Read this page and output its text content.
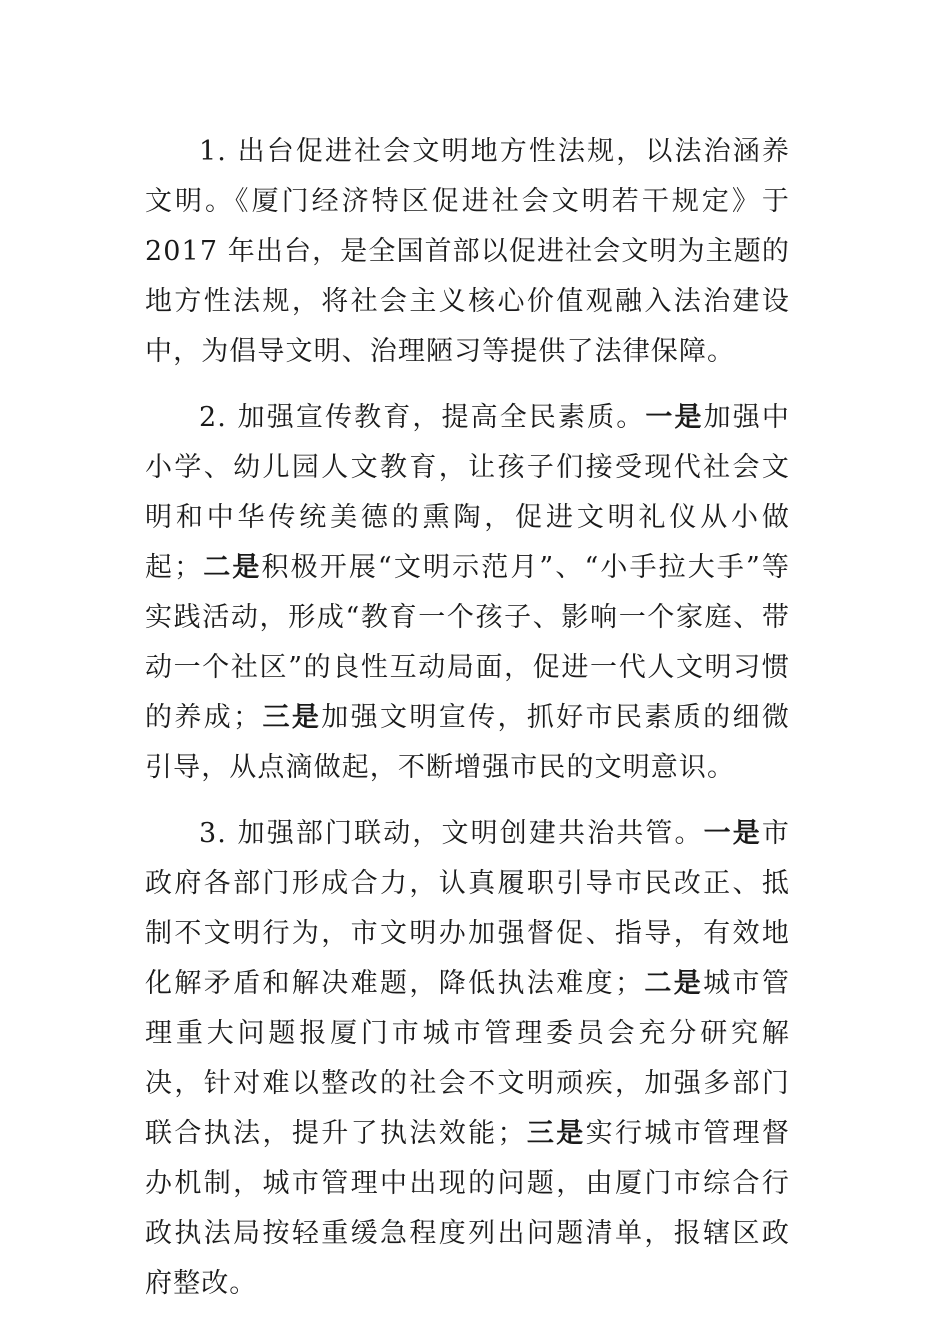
1. 出台促进社会文明地方性法规，以法治涵养文明。《厦门经济特区促进社会文明若干规定》于 2017 年出台，是全国首部以促进社会文明为主题的地方性法规，将社会主义核心价值观融入法治建设中，为倡导文明、治理陋习等提供了法律保障。

2. 加强宣传教育，提高全民素质。一是加强中小学、幼儿园人文教育，让孩子们接受现代社会文明和中华传统美德的熏陶，促进文明礼仪从小做起；二是积极开展“文明示范月”、“小手拉大手”等实践活动，形成“教育一个孩子、影响一个家庭、带动一个社区”的良性互动局面，促进一代人文明习惯的养成；三是加强文明宣传，抓好市民素质的细微引导，从点滴做起，不断增强市民的文明意识。

3. 加强部门联动，文明创建共治共管。一是市政府各部门形成合力，认真履职引导市民改正、抵制不文明行为，市文明办加强督促、指导，有效地化解矛盾和解决难题，降低执法难度；二是城市管理重大问题报厦门市城市管理委员会充分研究解决，针对难以整改的社会不文明顽疾，加强多部门联合执法，提升了执法效能；三是实行城市管理督办机制，城市管理中出现的问题，由厦门市综合行政执法局按轻重缓急程度列出问题清单，报辖区政府整改。
